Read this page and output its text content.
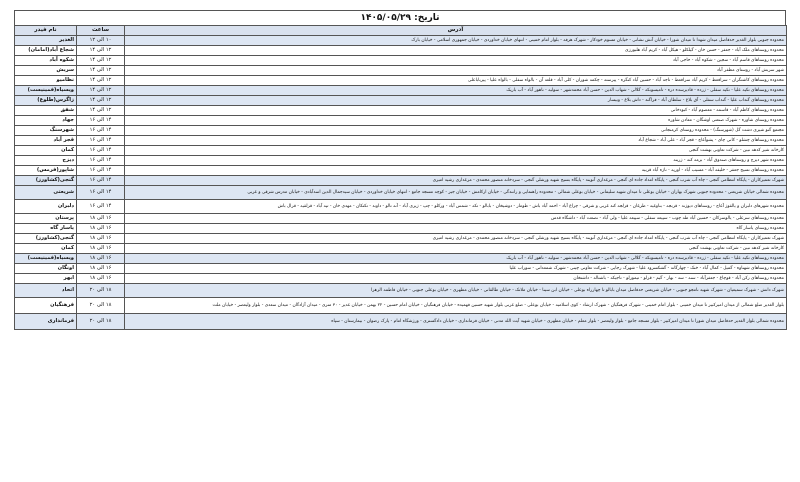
تاریخ: ۱۴۰۵/۰۵/۲۹
آدرس	ساعت	نام فیدر
محدوده جنوبی بلوار الغدیر حدفاصل میدان شهدا تا میدان شورا - خیابان آتش نشانی - خیابان مسوم خودکار - شهرک هرفه - بلوار امام خمینی - انتهای خیابان خداوردی - خیابان جمهوری اسلامی - خیابان بارک	۱۰ الی ۱۲	الغدیر
محدوده روستاهای ملک آباد - جعفر - حسن خان - گیلکلو - هیکل آباد - کریم آباد هلبورزی	۱۲ الی ۱۴	شجاع آباد(امامان)
محدوده روستاهای قاسم آباد - سجین - شکوه آباد - حاجی آباد	۱۲ الی ۱۴	شکوه آباد
شهر سربش آباد - روستای مظفر آباد	۱۲ الی ۱۴	سربش
محدوده روستاهای کاشتگران - سرافعط - کریم آباد سرافعط - تاجه آباد - حسین آباد کنگره - پیرسته - چکمه شوران - کلی آباد - قلعه آن - بالواه سفلی - بالواه علیا - پیرباباعلی	۱۲ الی ۱۴	نظامیو
محدوده روستاهای تکیه علیا - تکیه سفلی - زرده - قادیرسده دره - تامیسونکه - گلالی - شهاب الدین - حسن آباد محمدشهر - سولیه - ناهور آباد - آب باریک	۱۲ الی ۱۴	ویسیاه(فمینیست)
محدوده روستاهای گنداب علیا - گنداب سفلی - آق بلاغ - سلطان آباد - فراگند - داش بلاغ - ونیسار	۱۲ الی ۱۴	زاگرس(طلوع)
محدوده روستاهای کاظم آباد - قاسمه - معصوم آباد - کبودخانی	۱۲ الی ۱۴	شفق
محدوده روستای شاوره - شهرک صنعتی اوشگان - معادن شاوره	۱۴ الی ۱۶	جهاد
مجتمع گنو شیری دشت گل (شهرسنگ) - محدوده روستای کرمنجانی	۱۴ الی ۱۶	شهرسنگ
محدوده روستاهای چشلو - کانی چای - پشوآغاچ - قجر آباد - علی آباد - شجاع آباد	۱۴ الی ۱۶	قجر آباد
کارخانه شیر کدهه نبین - شرکت تعاونی بهشت گنجی	۱۴ الی ۱۶	کمان
محدوده شهر دیزج و روستاهای صندوق آباد - برمه کنه - زرینه	۱۴ الی ۱۶	دیزج
محدوده روستاهای تسیح جعفر - خلیفه آباد - مسیب آباد - اوریه - نازه آباد قربیه	۱۴ الی ۱۶	شاپور(فرمس)
شهرک تعمیرکاران - پایگاه انتظامی گنجی - چاه آب شرب گنجی - پایگاه امداد جاده ای گنجی - مرغداری آنویند - پایگاه بسیج شهید ورشلی گنجی - سردخانه منصور محمدی - مرغداری رشید امیری	۱۴ الی ۱۶	گنجی(کشاورز)
محدوده شمالی خیابان شریعتی - محدوده جنوبی شهرک بهاران - خیابان بوعلی تا میدان شهید سلیمانی - خیابان بوعلی شمالی - محدوده راهنمایی و رانندگی - خیابان ارکامش - خیابان جیر - کوچه مسجد جامع - انتهای خیابان خداوردی - خیابان سیدجمال الدین اسدآبادی - خیابان مدرس شرقی و غربی	۱۴ الی ۱۶	شریعتی
محدوده شهرهای دلبران و یالقوز آغاج - روستاهای دیوزند - قرنجه - بناوغیه - طرغان - قزلجه کند غربی و شرقی - چراغ آباد - احمد آباد باش - طومار - دوشیخان - بابالو - تکه - شمس آباد - ورکلو - چپ - زیری آباد - آنه تالو - داوند - تکتکان - مهدی خان - تپه آباد - قزلقیه - قرال باش	۱۴ الی ۱۶	دلبران
محدوده روستاهای سرعلی - یالوسرکان - حسین آباد طه چوب - سپیعه سفلی - سپیعه علیا - ولی آباد - نصعت آباد - داشگاه قدس	۱۶ الی ۱۸	پرستان
محدوده روستای یاسار گاه	۱۶ الی ۱۸	یاسار گاه
شهرک تعمیرکاران - پایگاه انتظامی گنجی - چاه آب شرب گنجی - پایگاه امداد جاده ای گنجی - مرغداری آنویند - پایگاه بسیج شهید ورشلی گنجی - سردخانه منصور محمدی - مرغداری رشید امیری	۱۶ الی ۱۸	گنجی(کشاورز)
کارخانه شیر کدهه نبین - شرکت تعاونی بهشت گنجی	۱۶ الی ۱۸	کمان
محدوده روستاهای تکیه علیا - تکیه سفلی - زرده - قادیرسده دره - تامیسونکه - گلالی - شهاب الدین - حسن آباد محمدشهر - سولیه - ناهور آباد - آب باریک	۱۶ الی ۱۸	ویسیاه(فمینیست)
محدوده روستاهای شهناوه - گمیل - کمال آباد - خنک - چهارگانه - گشکسرود علیا - شهرک رجایی - شرکت تعاونی چینی - شهرک شمعدانی - سوراب علیا	۱۶ الی ۱۸	اونگان
محدوده روستاهای رکن آباد - قوچاغ - جعفرآباد - سنه - سه - بهار - گیم - قزلو - تیمورلو - تاجیکه - باشتاله - داشتخان	۱۶ الی ۱۸	ابهر
شهرک دانش - شهرک سمیعیان - شهرک شهید نامجو جنوبی - خیابان شریعتی حدفاصل میدان بابالو تا چهارراه بوعلی - خیابان ابن سینا - خیابان ملاتک - خیابان طالقانی - خیابان مطهری - خیابان بوعلی جنوبی - خیابان فاطمه الزهرا	۱۸ الی ۲۰	اتحاد
بلوار الغدیر ضلع شمالی از میدان امیرکبیر تا میدان خمینی - بلوار امام خمینی - شهرک فرهنگیان - شهرک ارشاد - کوی اسلامیه - خیابان بوعلی - ضلع غربی بلوار شهید حسین فهمیده - خیابان فرهنگیان - خیابان امام حسین - ۲۲ بهمن - خیابان غدیر - ۳۰ متری - میدان آزادگان - میدان سعدی - بلوار ولیعصر - خیابان ملت	۱۸ الی ۲۰	فرهنگیان
محدوده شمالی بلوار الغدیر حدفاصل میدان شورا تا میدان امیرکبیر - بلوار مسجد جامع - بلوار ولیعصر - بلوار معلم - خیابان مطهری - خیابان شهید آیت الله مدنی - خیابان فرمانداری - خیابان دادگستری - ورزشگاه امام - پارک رضوان - بیمارستان - سپاه	۱۸ الی ۲۰	فرمانداری
